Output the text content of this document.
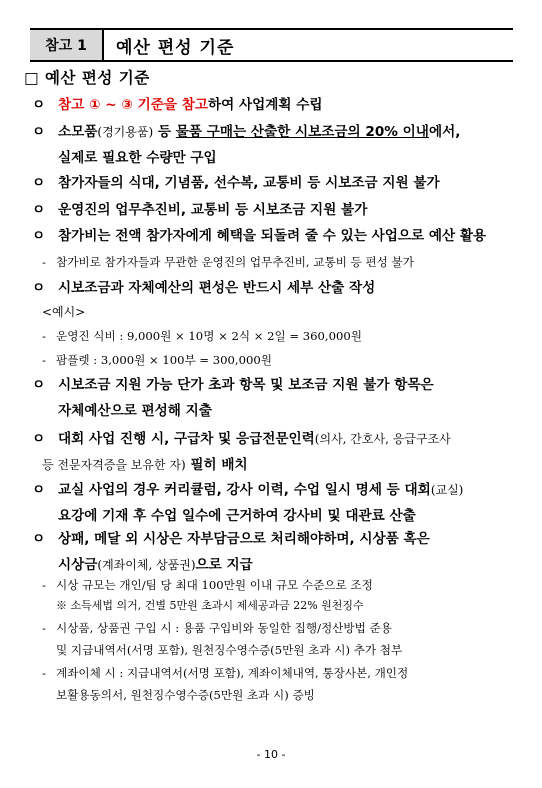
참고 1	예산 편성 기준
□ 예산 편성 기준
ㅇ 참고 ① ~ ③ 기준을 참고하여 사업계획 수립
ㅇ 소모품(경기용품) 등 물품 구매는 산출한 시보조금의 20% 이내에서,
실제로 필요한 수량만 구입
ㅇ 참가자들의 식대, 기념품, 선수복, 교통비 등 시보조금 지원 불가
ㅇ 운영진의 업무추진비, 교통비 등 시보조금 지원 불가
ㅇ 참가비는 전액 참가자에게 혜택을 되돌려 줄 수 있는 사업으로 예산 활용
- 참가비로 참가자들과 무관한 운영진의 업무추진비, 교통비 등 편성 불가
ㅇ 시보조금과 자체예산의 편성은 반드시 세부 산출 작성
<예시>
- 운영진 식비 : 9,000원 × 10명 × 2식 × 2일 = 360,000원
- 팜플렛 : 3,000원 × 100부 = 300,000원
ㅇ 시보조금 지원 가능 단가 초과 항목 및 보조금 지원 불가 항목은
자체예산으로 편성해 지출
ㅇ 대회 사업 진행 시, 구급차 및 응급전문인력(의사, 간호사, 응급구조사
등 전문자격증을 보유한 자) 필히 배치
ㅇ 교실 사업의 경우 커리큘럼, 강사 이력, 수업 일시 명세 등 대회(교실)
요강에 기재 후 수업 일수에 근거하여 강사비 및 대관료 산출
ㅇ 상패, 메달 외 시상은 자부담금으로 처리해야하며, 시상품 혹은
시상금(계좌이체, 상품권)으로 지급
- 시상 규모는 개인/팀 당 최대 100만원 이내 규모 수준으로 조정
※ 소득세법 의거, 건별 5만원 초과시 제세공과금 22% 원천징수
- 시상품, 상품권 구입 시 : 용품 구입비와 동일한 집행/정산방법 준용
및 지급내역서(서명 포함), 원천징수영수증(5만원 초과 시) 추가 첨부
- 계좌이체 시 : 지급내역서(서명 포함), 계좌이체내역, 통장사본, 개인정
보활용동의서, 원천징수영수증(5만원 초과 시) 증빙
- 10 -
